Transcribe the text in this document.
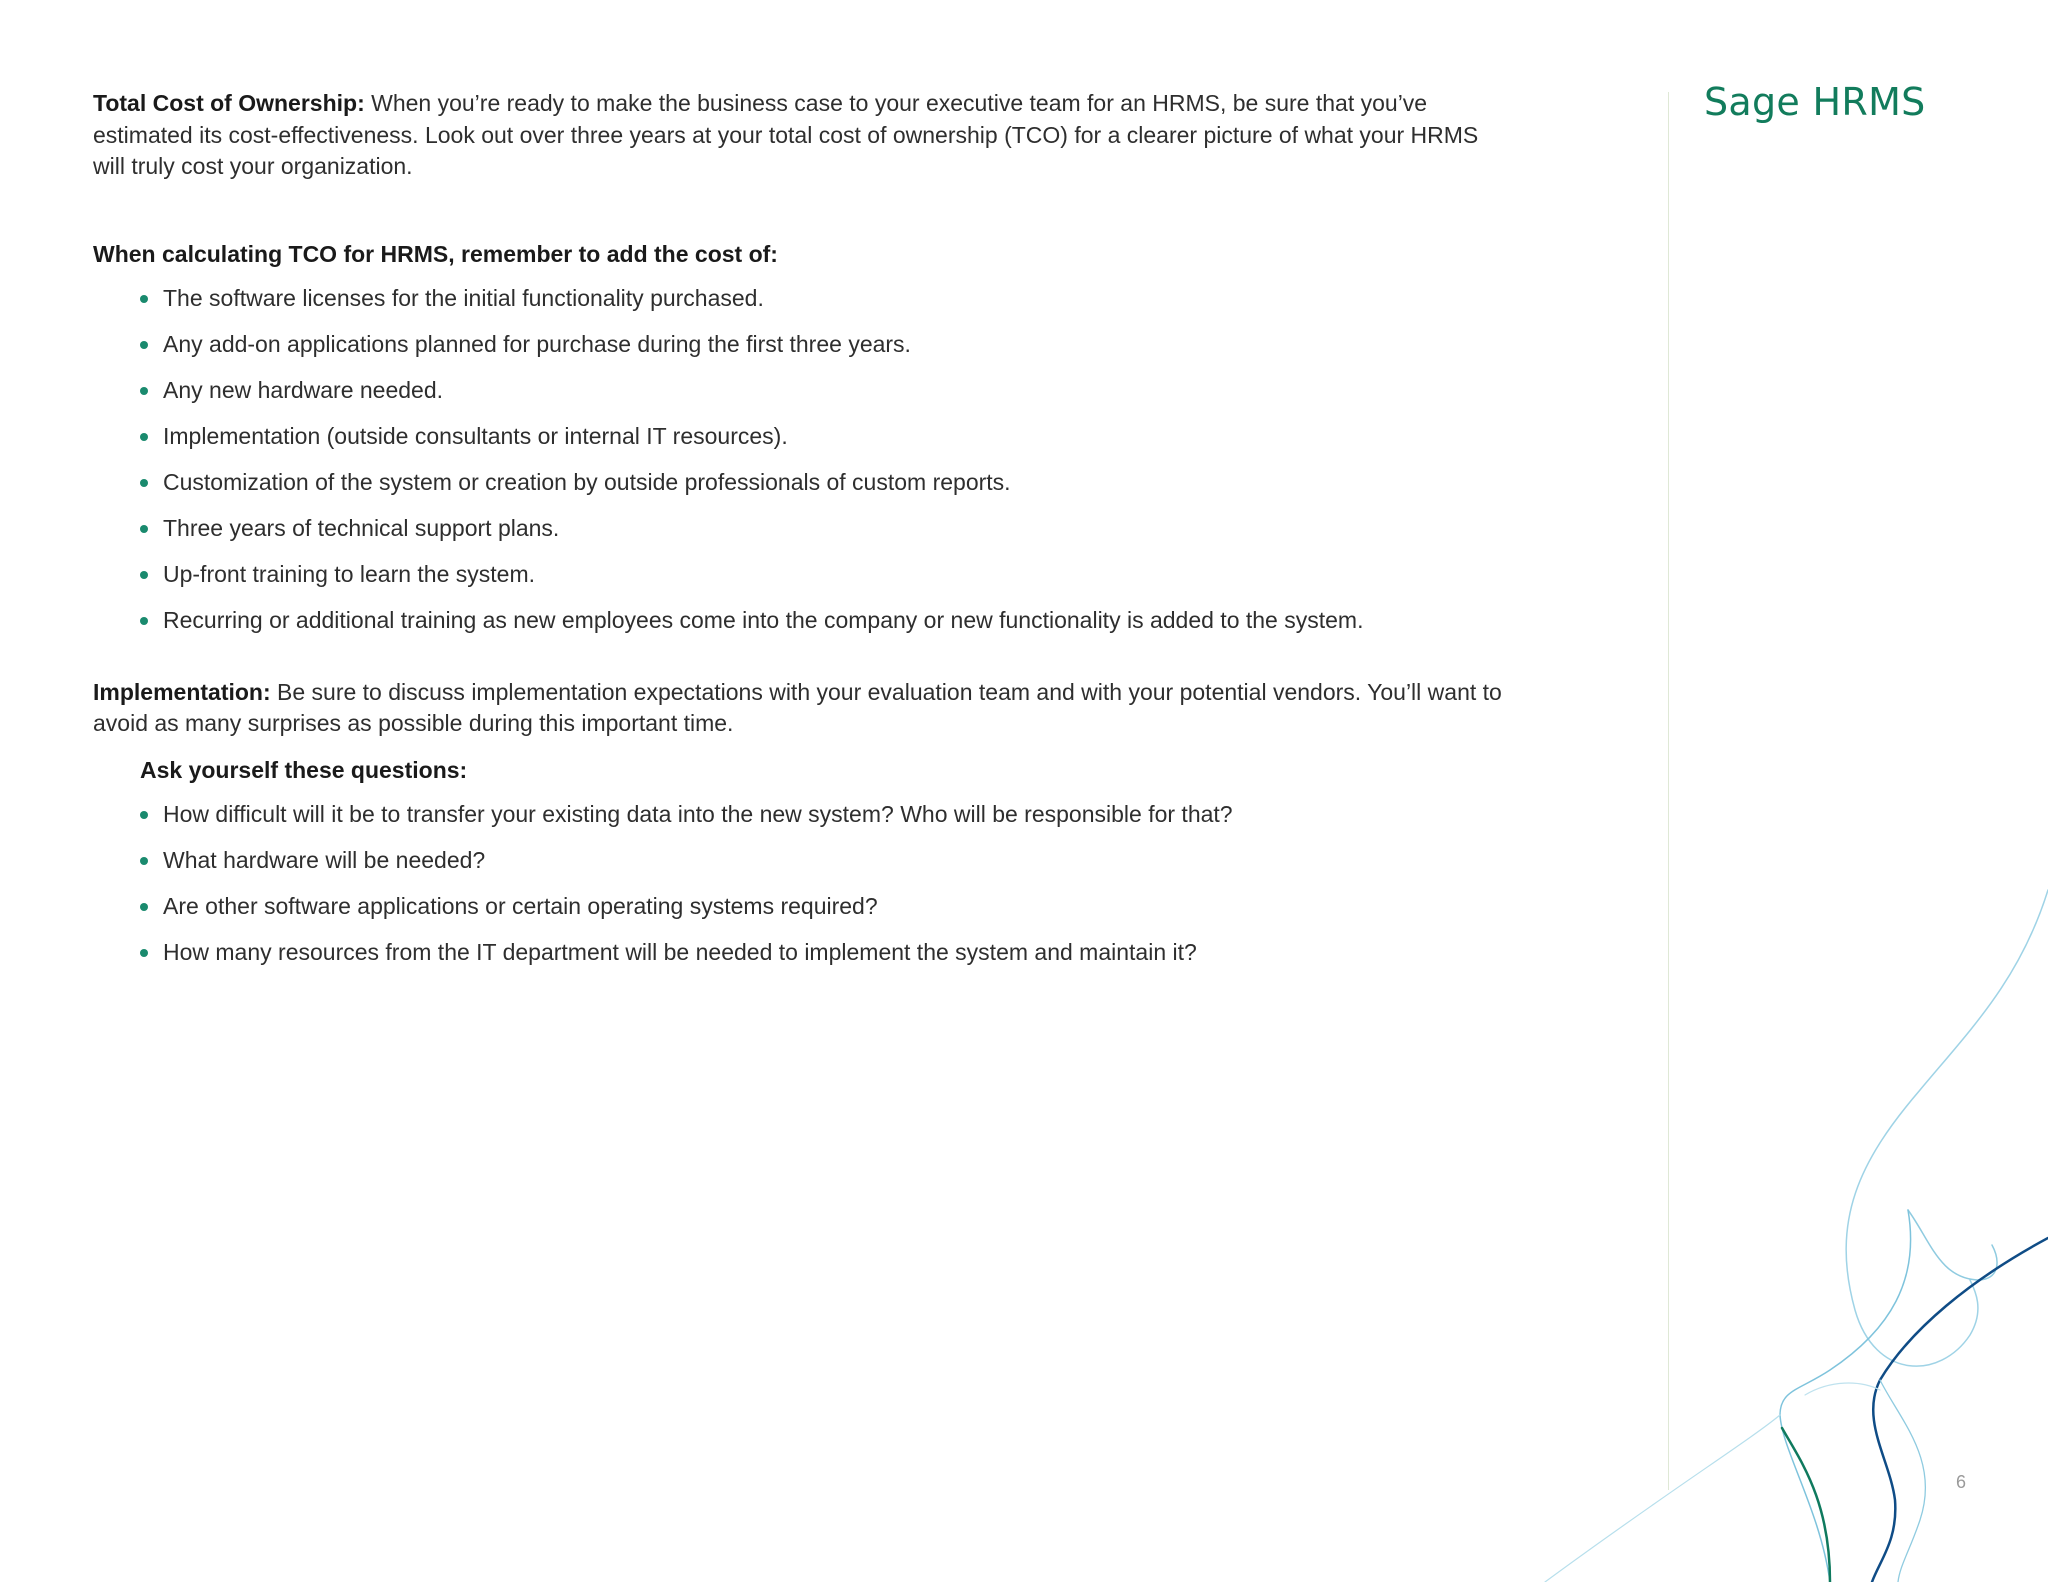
Total Cost of Ownership: When you’re ready to make the business case to your executive team for an HRMS, be sure that you’ve estimated its cost-effectiveness. Look out over three years at your total cost of ownership (TCO) for a clearer picture of what your HRMS will truly cost your organization.

When calculating TCO for HRMS, remember to add the cost of:

The software licenses for the initial functionality purchased.
Any add-on applications planned for purchase during the first three years.
Any new hardware needed.
Implementation (outside consultants or internal IT resources).
Customization of the system or creation by outside professionals of custom reports.
Three years of technical support plans.
Up-front training to learn the system.
Recurring or additional training as new employees come into the company or new functionality is added to the system.

Implementation: Be sure to discuss implementation expectations with your evaluation team and with your potential vendors. You’ll want to avoid as many surprises as possible during this important time.

Ask yourself these questions:

How difficult will it be to transfer your existing data into the new system? Who will be responsible for that?
What hardware will be needed?
Are other software applications or certain operating systems required?
How many resources from the IT department will be needed to implement the system and maintain it?
Sage HRMS
6
